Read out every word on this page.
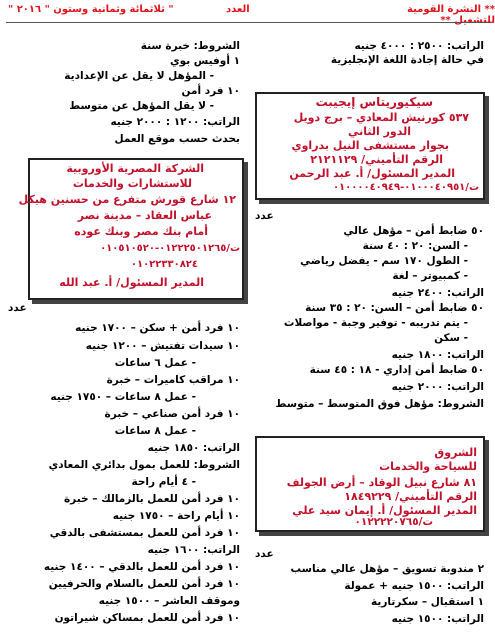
** النشرة القومية للتشغيل **
العدد
" ثلاثمائة وثمانية وستون " ٢٠١٦ "
الراتب: ٢٥٠٠ : ٤٠٠٠ جنيه
في حالة إجادة اللغة الإنجليزية
سيكيوريتاس إيجيبت
٥٣٧ كورنيش المعادي – برج دويل
الدور الثاني
بجوار مستشفى النيل بدراوي
الرقم التأميني/ ٢١٢١١٢٩
المدير المسئول/ أ. عبد الرحمن
ت/٠١٠٠٠٤٠٩٥١-٠١٠٠٠٠٤٠٩٤٩
عدد
٥٠ ضابط أمن – مؤهل عالي
- السن: ٢٠ : ٤٠ سنة
- الطول ١٧٠ سم - يفضل رياضي
- كمبيوتر – لغة
الراتب: ٢٤٠٠ جنيه
٥٠ ضابط أمن – السن: ٢٠ : ٣٥ سنة
- يتم تدريبه - توفير وجبة - مواصلات
- سكن
الراتب: ١٨٠٠ جنيه
٥٠ ضابط أمن إداري - ١٨ : ٤٥ سنة
الراتب: ٢٠٠٠ جنيه
الشروط: مؤهل فوق المتوسط – متوسط
الشروق
للسياحة والخدمات
٨١ شارع نبيل الوقاد – أرض الجولف
الرقم التأميني/ ١٨٤٩٢٢٩
المدير المسئول/ أ. إيمان سيد علي
ت/٠١٢٢٢٢٠٧٦٥
عدد
٢ مندوبة تسويق – مؤهل عالي مناسب
الراتب: ١٥٠٠ جنيه + عمولة
١ استقبال – سكرتارية
الراتب: ١٥٠٠ جنيه
الشروط: خبرة سنة
١ أوفيس بوي
- المؤهل لا يقل عن الإعدادية
١٠ فرد أمن
- لا يقل المؤهل عن متوسط
الراتب: ١٢٠٠ : ٢٠٠٠ جنيه
بحدث حسب موقع العمل
الشركة المصرية الأوروبية
للاستشارات والخدمات
١٢ شارع قورش متفرع من حسنين هيكل
عباس العقاد – مدينة نصر
أمام بنك مصر وبنك عوده
ت/٠١٢٢٢٥٠١٢٦٥-٠١٠٥١٠٥٢٠
٠١٠٢٢٣٣٠٨٢٤
المدير المسئول/ أ. عبد الله
عدد
١٠ فرد أمن + سكن – ١٧٠٠ جنيه
١٠ سيدات تفتيش – ١٢٠٠ جنيه
- عمل ٦ ساعات
١٠ مراقب كاميرات – خبرة
- عمل ٨ ساعات – ١٧٥٠ جنيه
١٠ فرد أمن صناعي – خبرة
- عمل ٨ ساعات
الراتب: ١٨٥٠ جنيه
الشروط: للعمل بمول بدائري المعادي
- ٤ أيام راحة
١٠ فرد أمن للعمل بالزمالك – خبرة
١٠ أيام راحة – ١٧٥٠ جنيه
١٠ فرد أمن للعمل بمستشفى بالدقي
الراتب: ١٦٠٠ جنيه
١٠ فرد أمن للعمل بالدقي – ١٤٠٠ جنيه
١٠ فرد أمن للعمل بالسلام والحرفيين
وموقف العاشر – ١٥٠٠ جنيه
١٠ فرد أمن للعمل بمساكن شيراتون
